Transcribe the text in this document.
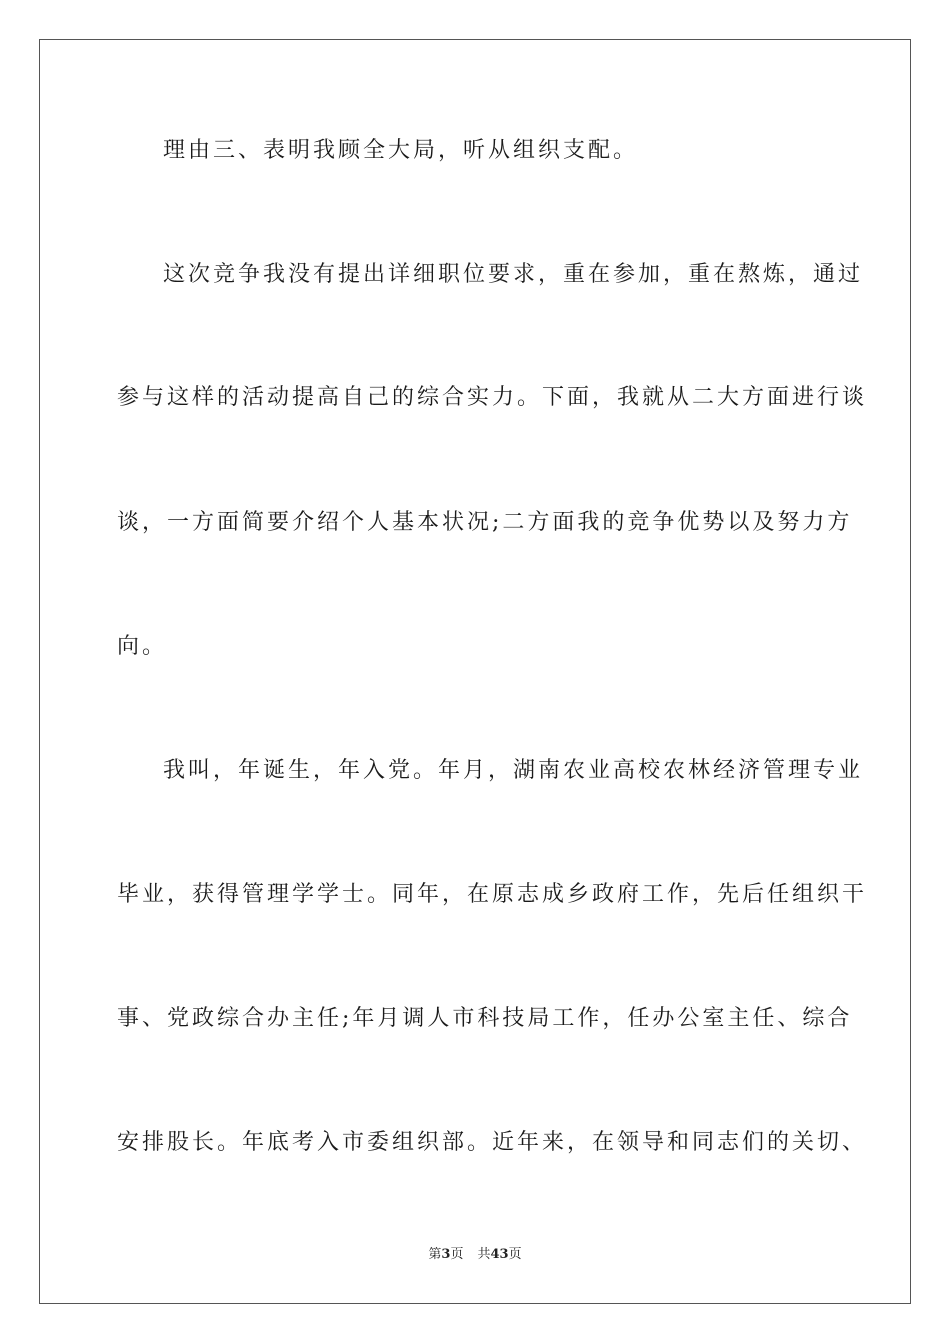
理由三、表明我顾全大局，听从组织支配。
这次竞争我没有提出详细职位要求，重在参加，重在熬炼，通过
参与这样的活动提高自己的综合实力。下面，我就从二大方面进行谈
谈，一方面简要介绍个人基本状况;二方面我的竞争优势以及努力方
向。
我叫，年诞生，年入党。年月，湖南农业高校农林经济管理专业
毕业，获得管理学学士。同年，在原志成乡政府工作，先后任组织干
事、党政综合办主任;年月调人市科技局工作，任办公室主任、综合
安排股长。年底考入市委组织部。近年来，在领导和同志们的关切、
第3页 共43页
